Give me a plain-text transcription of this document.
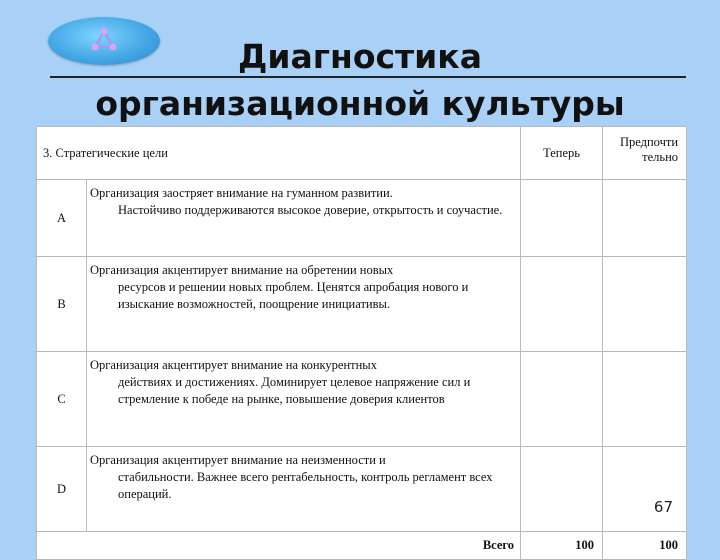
Диагностика
организационной культуры
3. Стратегические цели		Теперь	Предпочти
тельно
A	Организация заостряет внимание на гуманном развитии.
Настойчиво поддерживаются высокое доверие, открытость и соучастие.		

B	Организация акцентирует внимание на обретении новых
ресурсов и решении новых проблем. Ценятся апробация нового и изыскание возможностей, поощрение инициативы.		

C	Организация акцентирует внимание на конкурентных
действиях и достижениях. Доминирует целевое напряжение сил и стремление к победе на рынке, повышение доверия клиентов		

D	Организация акцентирует внимание на неизменности и
стабильности. Важнее всего рентабельность, контроль регламент всех операций.		

Всего		100	100
67
